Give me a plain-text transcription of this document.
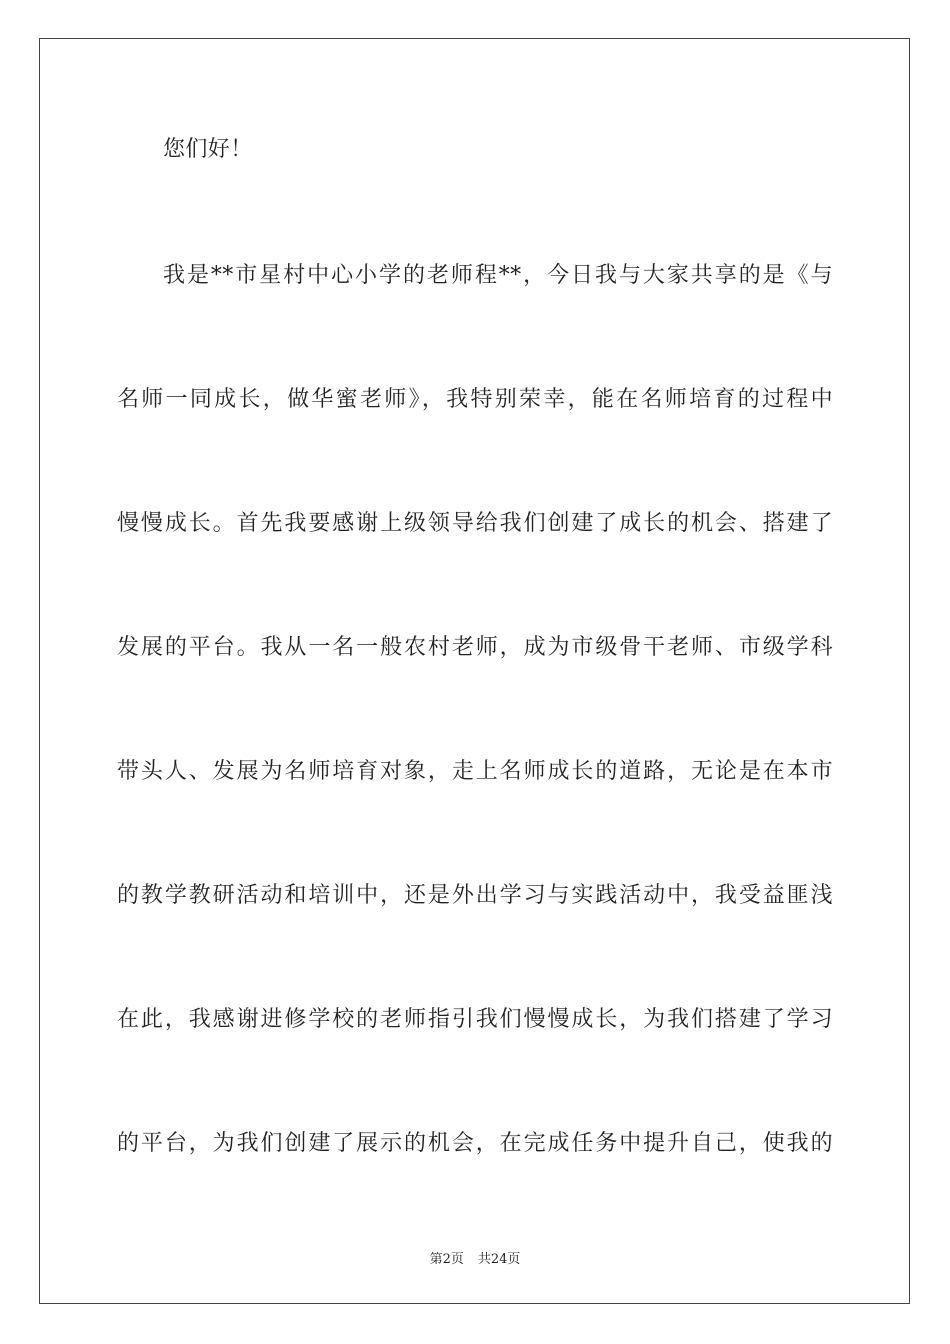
您们好！
我是**市星村中心小学的老师程**，今日我与大家共享的是《与
名师一同成长，做华蜜老师》，我特别荣幸，能在名师培育的过程中
慢慢成长。首先我要感谢上级领导给我们创建了成长的机会、搭建了
发展的平台。我从一名一般农村老师，成为市级骨干老师、市级学科
带头人、发展为名师培育对象，走上名师成长的道路，无论是在本市
的教学教研活动和培训中，还是外出学习与实践活动中，我受益匪浅
在此，我感谢进修学校的老师指引我们慢慢成长，为我们搭建了学习
的平台，为我们创建了展示的机会，在完成任务中提升自己，使我的
第2页 共24页
